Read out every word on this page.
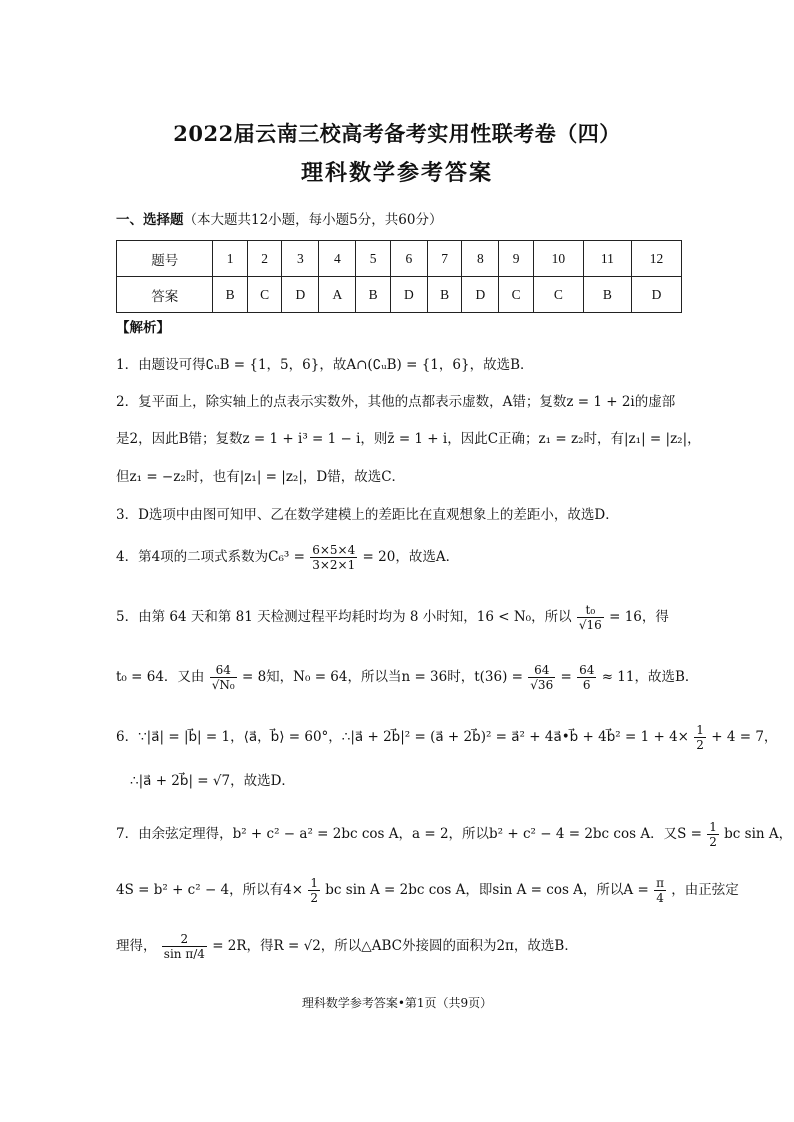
2022届云南三校高考备考实用性联考卷（四）
理科数学参考答案
一、选择题（本大题共12小题，每小题5分，共60分）
题号	1	2	3	4	5	6	7	8	9	10	11	12
答案	B	C	D	A	B	D	B	D	C	C	B	D
【解析】
1．由题设可得∁ᵤB = {1，5，6}，故A∩(∁ᵤB) = {1，6}，故选B．
2．复平面上，除实轴上的点表示实数外，其他的点都表示虚数，A错；复数z = 1 + 2i的虚部
是2，因此B错；复数z = 1 + i³ = 1 − i，则z̄ = 1 + i，因此C正确；z₁ = z₂时，有|z₁| = |z₂|，
但z₁ = −z₂时，也有|z₁| = |z₂|，D错，故选C．
3．D选项中由图可知甲、乙在数学建模上的差距比在直观想象上的差距小，故选D．
4．第4项的二项式系数为$C_6^3 = \frac{6\times 5\times 4}{3\times 2\times 1} = 20$，故选A．
5．由第 64 天和第 81 天检测过程平均耗时均为 8 小时知，16 < N₀，所以 $\frac{\text{t₀}}{√16} = 16$，得
t₀ = 64．又由 $\frac{64}{\text{√N₀}} = 8$知，N₀ = 64，所以当n = 36时，$t(36) = \frac{64}{√36} = \frac{64}{6} \approx 11$，故选B．
6．∵|a⃗| = |b⃗| = 1，⟨a⃗，b⃗⟩ = 60°，∴|a⃗ + 2b⃗|² = (a⃗ + 2b⃗)² = a⃗² + 4a⃗•b⃗ + 4b⃗² = $1 + 4\times \frac{1}{2} + 4 = 7$，
∴|a⃗ + 2b⃗| = √7，故选D．
7．由余弦定理得，b² + c² − a² = 2bc cos A，a = 2，所以b² + c² − 4 = 2bc cos A．又$S = \frac{1}{2}$ bc sin A，
4S = b² + c² − 4，所以有$4\times \frac{1}{2}$ bc sin A = 2bc cos A，即sin A = cos A，所以$A = \frac{\pi}{4}$ ，由正弦定
理得， $\frac{2}{\text{sin π/4}} = 2R$，得R = √2，所以△ABC外接圆的面积为2π，故选B．
理科数学参考答案•第1页（共9页）
